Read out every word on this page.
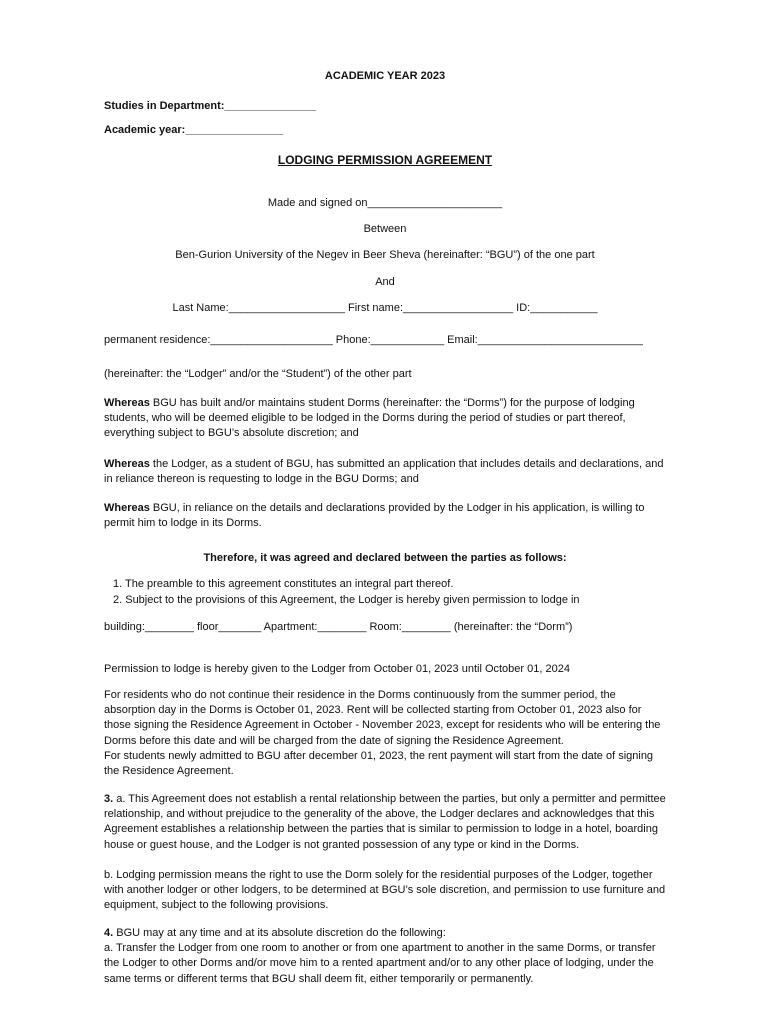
ACADEMIC YEAR 2023
Studies in Department:_______________
Academic year:________________
LODGING PERMISSION AGREEMENT
Made and signed on______________________
Between
Ben-Gurion University of the Negev in Beer Sheva (hereinafter: “BGU”) of the one part
And
Last Name:___________________ First name:__________________ ID:___________
permanent residence:____________________ Phone:____________ Email:___________________________
(hereinafter: the “Lodger” and/or the “Student”) of the other part
Whereas BGU has built and/or maintains student Dorms (hereinafter: the “Dorms”) for the purpose of lodging students, who will be deemed eligible to be lodged in the Dorms during the period of studies or part thereof, everything subject to BGU’s absolute discretion; and
Whereas the Lodger, as a student of BGU, has submitted an application that includes details and declarations, and in reliance thereon is requesting to lodge in the BGU Dorms; and
Whereas BGU, in reliance on the details and declarations provided by the Lodger in his application, is willing to permit him to lodge in its Dorms.
Therefore, it was agreed and declared between the parties as follows:
1. The preamble to this agreement constitutes an integral part thereof.
2. Subject to the provisions of this Agreement, the Lodger is hereby given permission to lodge in
building:________ floor_______ Apartment:________ Room:________ (hereinafter: the “Dorm”)
Permission to lodge is hereby given to the Lodger from October 01, 2023 until October 01, 2024
For residents who do not continue their residence in the Dorms continuously from the summer period, the absorption day in the Dorms is October 01, 2023. Rent will be collected starting from October 01, 2023 also for those signing the Residence Agreement in October - November 2023, except for residents who will be entering the Dorms before this date and will be charged from the date of signing the Residence Agreement.
For students newly admitted to BGU after december 01, 2023, the rent payment will start from the date of signing the Residence Agreement.
3. a. This Agreement does not establish a rental relationship between the parties, but only a permitter and permittee relationship, and without prejudice to the generality of the above, the Lodger declares and acknowledges that this Agreement establishes a relationship between the parties that is similar to permission to lodge in a hotel, boarding house or guest house, and the Lodger is not granted possession of any type or kind in the Dorms.
b. Lodging permission means the right to use the Dorm solely for the residential purposes of the Lodger, together with another lodger or other lodgers, to be determined at BGU’s sole discretion, and permission to use furniture and equipment, subject to the following provisions.
4. BGU may at any time and at its absolute discretion do the following:
a. Transfer the Lodger from one room to another or from one apartment to another in the same Dorms, or transfer the Lodger to other Dorms and/or move him to a rented apartment and/or to any other place of lodging, under the same terms or different terms that BGU shall deem fit, either temporarily or permanently.
